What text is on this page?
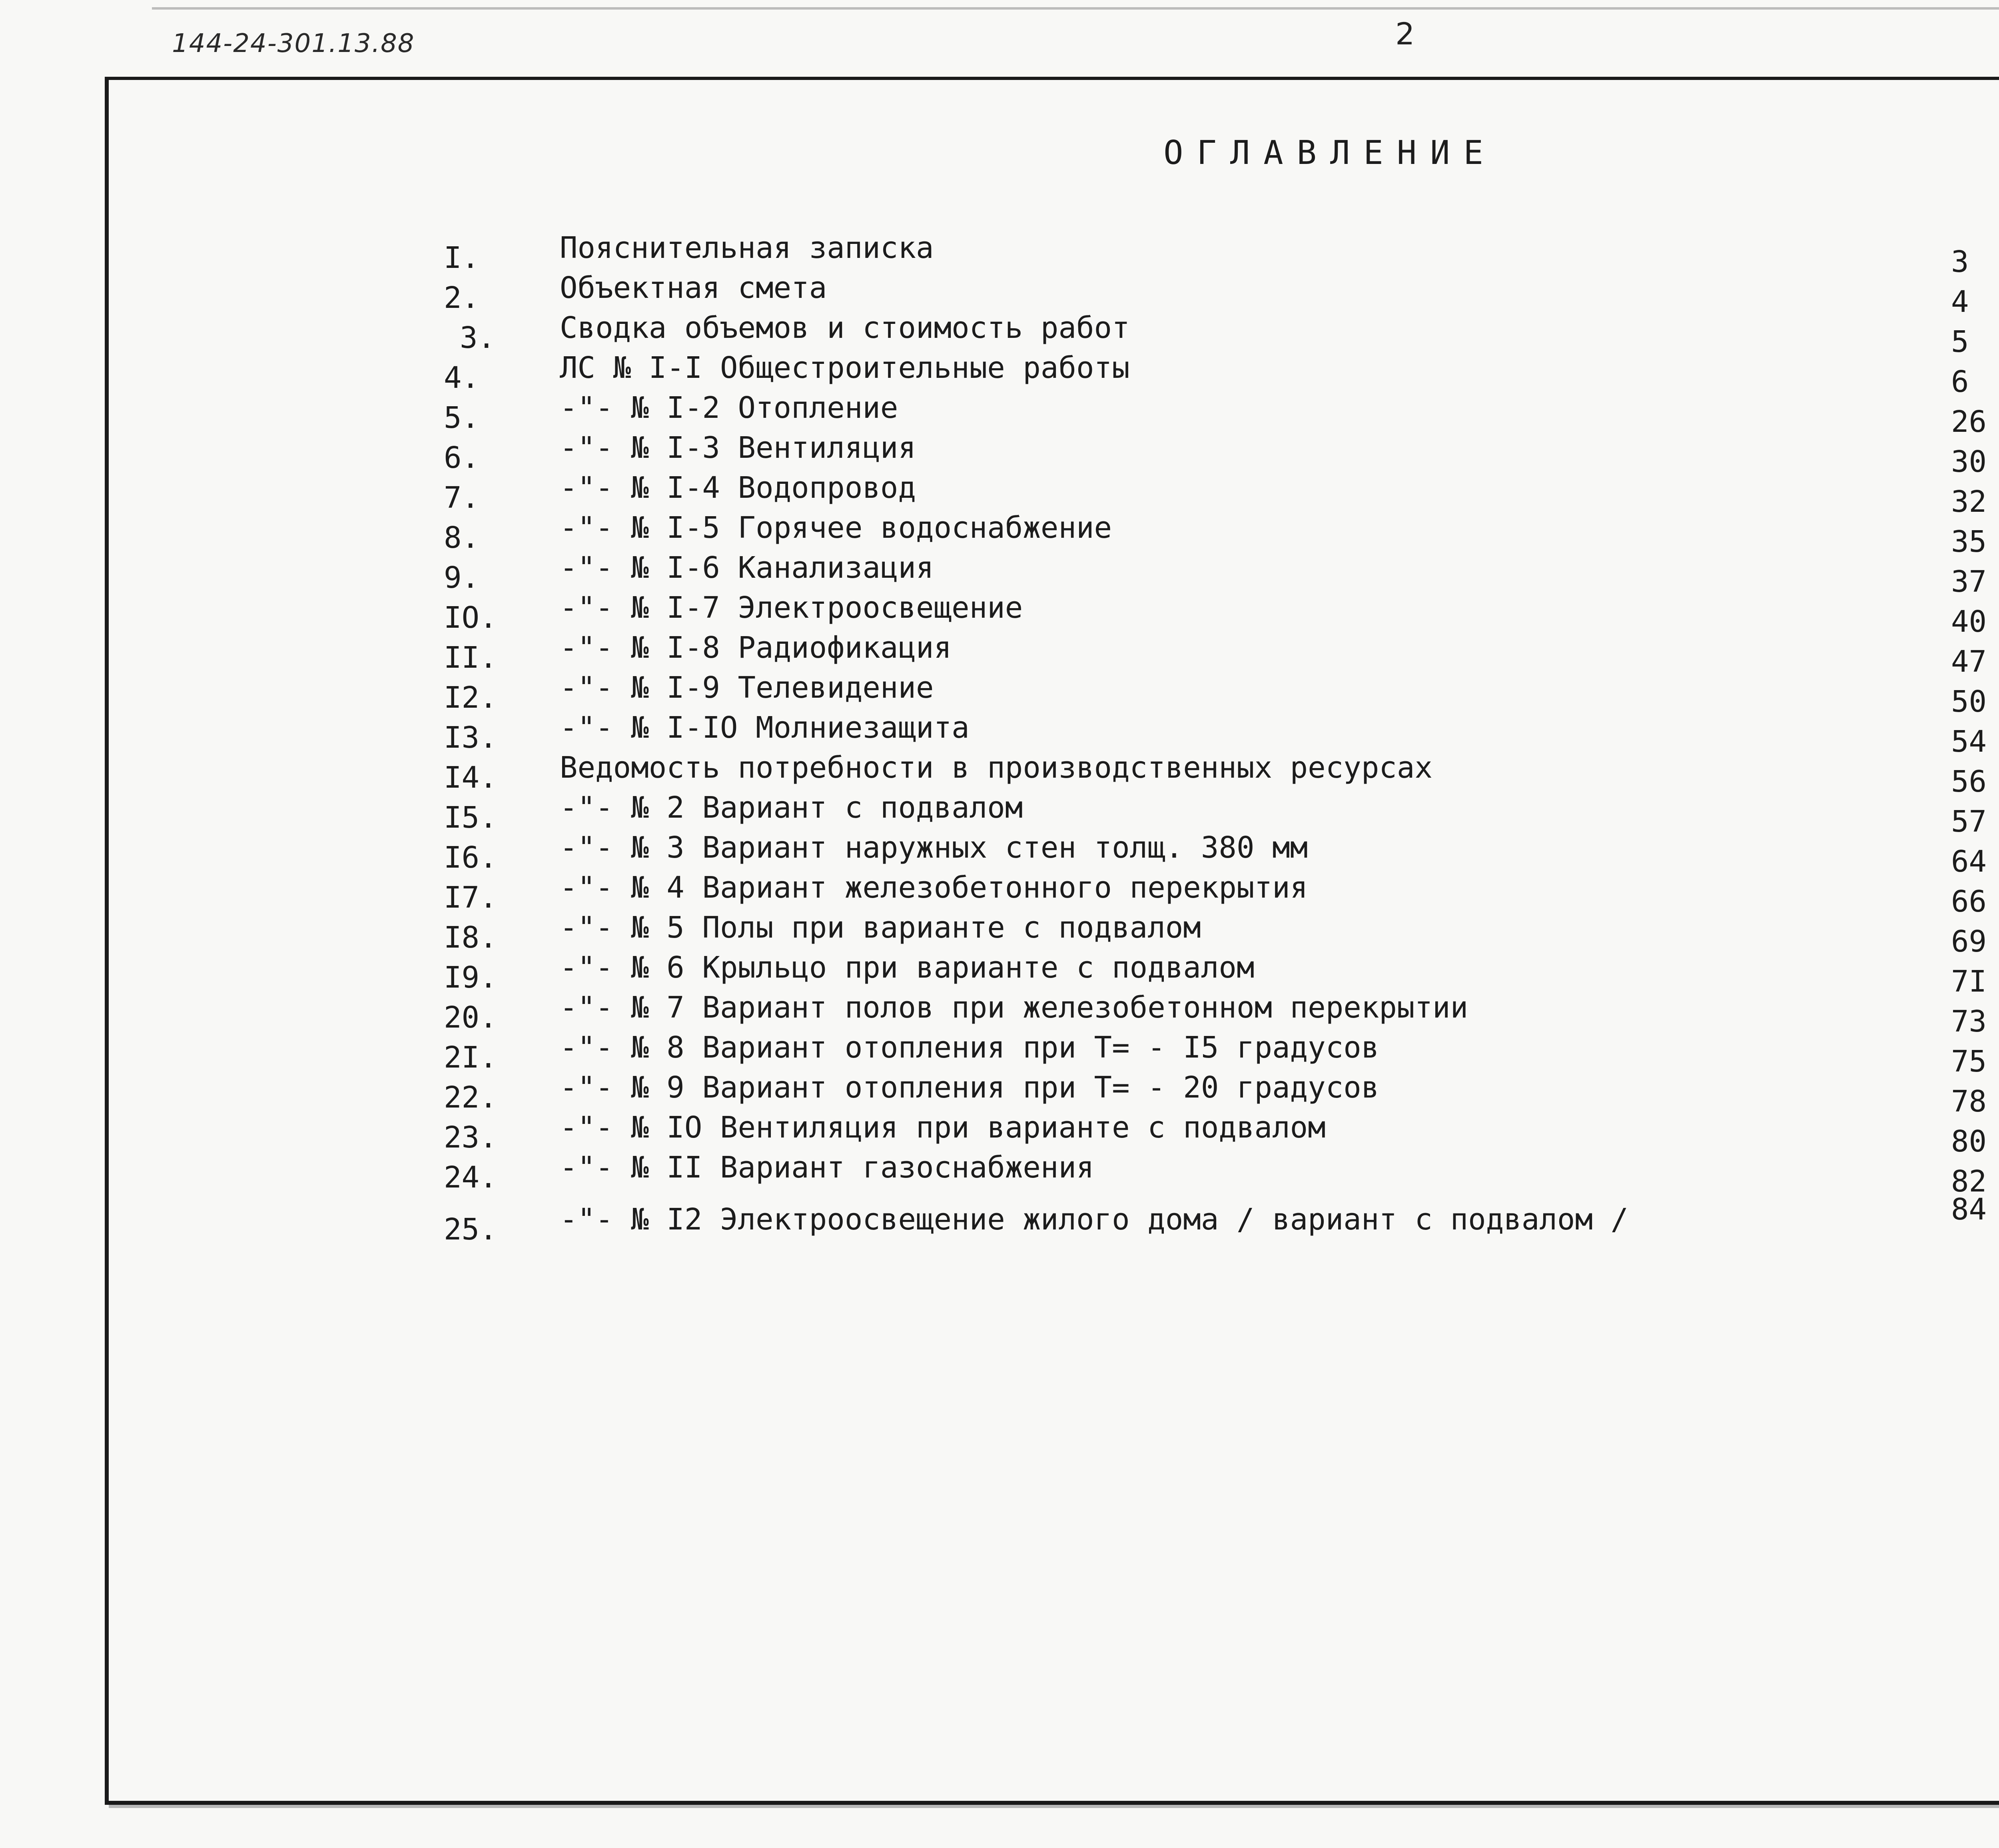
144-24-301.13.88	2
ОГЛАВЛЕНИЕ
I.	Пояснительная записка	3
2.	Объектная смета	4
3. Сводка объемов и стоимость работ	5
4.	ЛС № I-I Общестроительные работы	6
5.	-"- № I-2 Отопление	26
6.	-"- № I-3 Вентиляция	30
7.	-"- № I-4 Водопровод	32
8.	-"- № I-5 Горячее водоснабжение	35
9.	-"- № I-6 Канализация	37
IO. -"- № I-7 Электроосвещение	40
II. -"- № I-8 Радиофикация	47
I2. -"- № I-9 Телевидение	50
I3. -"- № I-IO Молниезащита	54
I4. Ведомость потребности в производственных ресурсах	56
I5. -"- № 2 Вариант с подвалом	57
I6. -"- № 3 Вариант наружных стен толщ. 380 мм	64
I7. -"- № 4 Вариант железобетонного перекрытия	66
I8. -"- № 5 Полы при варианте с подвалом	69
I9. -"- № 6 Крыльцо при варианте с подвалом	7I
20. -"- № 7 Вариант полов при железобетонном перекрытии	73
2I. -"- № 8 Вариант отопления при Т= - I5 градусов	75
22. -"- № 9 Вариант отопления при Т= - 20 градусов	78
23. -"- № IO Вентиляция при варианте с подвалом	80
24. -"- № II Вариант газоснабжения	82
25. -"- № I2 Электроосвещение жилого дома / вариант с подвалом /	84
